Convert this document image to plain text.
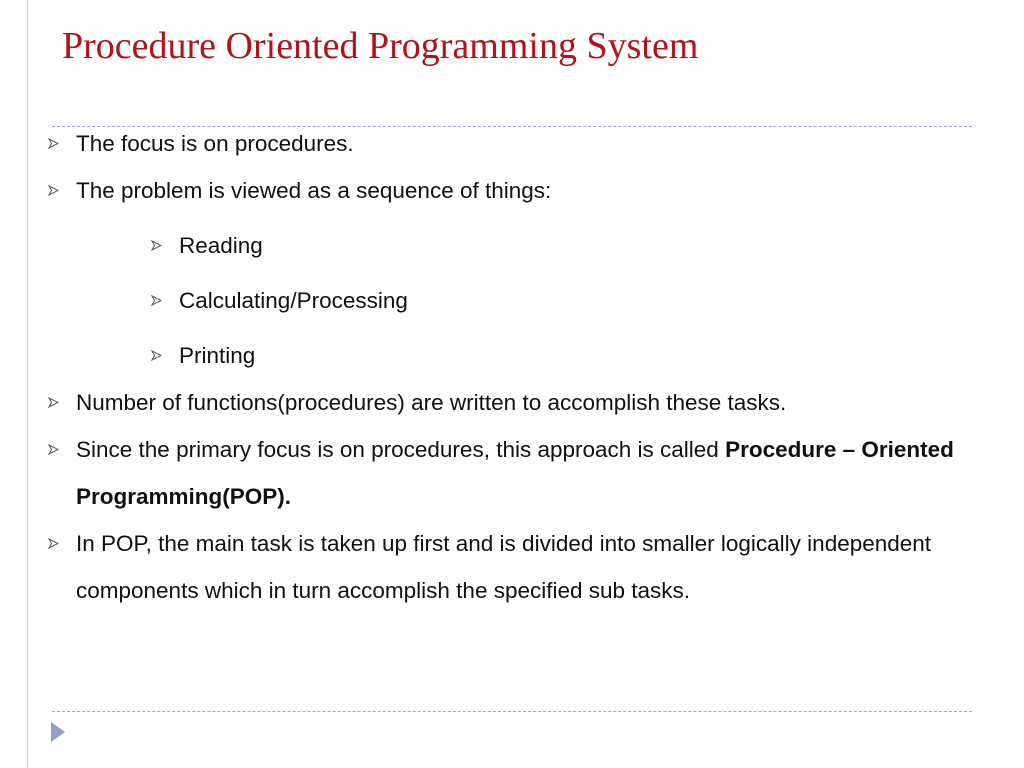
Procedure Oriented Programming System
The focus is on procedures.
The problem is viewed as a sequence of things:
Reading
Calculating/Processing
Printing
Number of functions(procedures) are written to accomplish these tasks.
Since the primary focus is on procedures, this approach is called Procedure – Oriented Programming(POP).
In POP, the main task is taken up first and is divided into smaller logically independent components which in turn accomplish the specified sub tasks.
